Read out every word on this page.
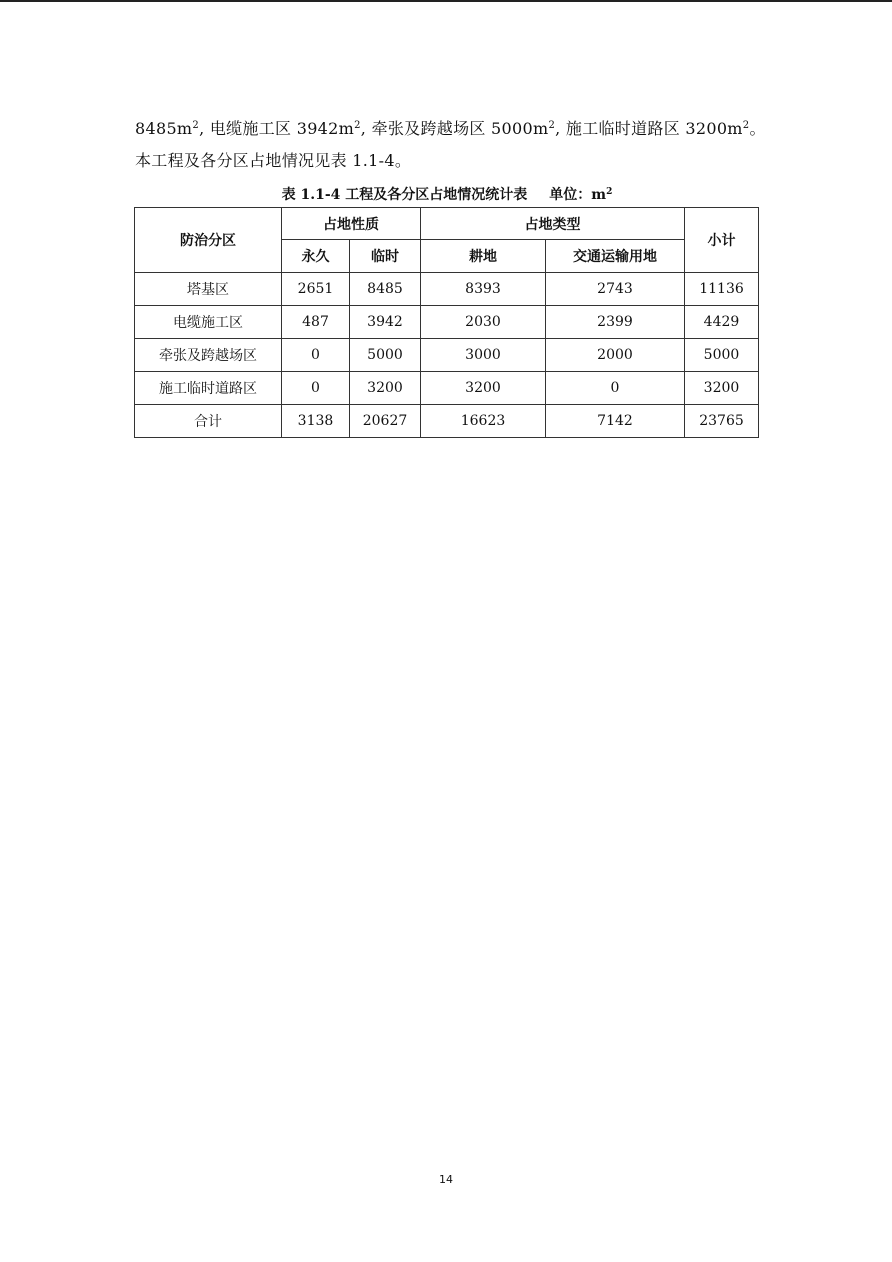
$8485m^2$, 电缆施工区 $3942m^2$, 牵张及跨越场区 $5000m^2$, 施工临时道路区 $3200m^2$。
本工程及各分区占地情况见表 1.1-4。
表 1.1-4 工程及各分区占地情况统计表 单位：$m^2$
防治分区	占地性质		占地类型		小计
	永久	临时	耕地	交通运输用地	
塔基区	2651	8485	8393	2743	11136
电缆施工区	487	3942	2030	2399	4429
牵张及跨越场区	0	5000	3000	2000	5000
施工临时道路区	0	3200	3200	0	3200
合计	3138	20627	16623	7142	23765
14
